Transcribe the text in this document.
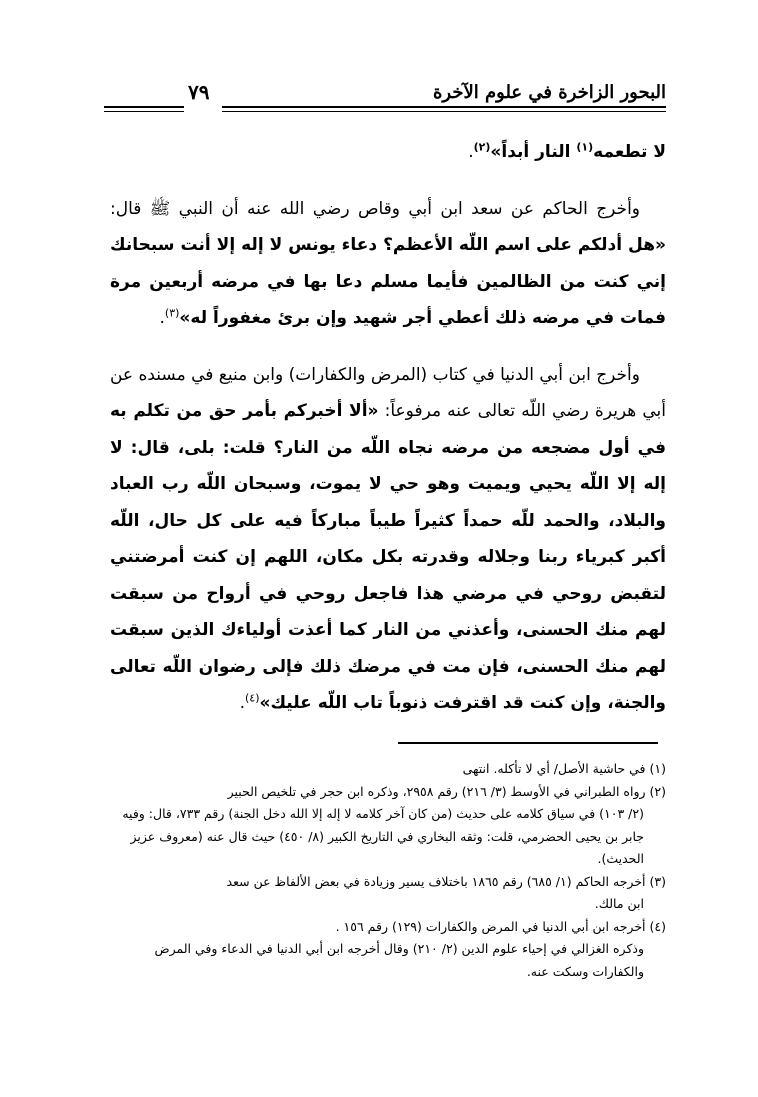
البحور الزاخرة في علوم الآخرة
٧٩

لا تطعمه$^{(١)}$ النار أبداً»$^{(٢)}$.

وأخرج الحاكم عن سعد ابن أبي وقاص رضي الله عنه أن النبي ﷺ قال: «هل أدلكم على اسم اللّه الأعظم؟ دعاء يونس لا إله إلا أنت سبحانك إني كنت من الظالمين فأيما مسلم دعا بها في مرضه أربعين مرة فمات في مرضه ذلك أعطي أجر شهيد وإن برئ مغفوراً له»$^{(٣)}$.

وأخرج ابن أبي الدنيا في كتاب (المرض والكفارات) وابن منيع في مسنده عن أبي هريرة رضي اللّه تعالى عنه مرفوعاً: «ألا أخبركم بأمر حق من تكلم به في أول مضجعه من مرضه نجاه اللّه من النار؟ قلت: بلى، قال: لا إله إلا اللّه يحيي ويميت وهو حي لا يموت، وسبحان اللّه رب العباد والبلاد، والحمد للّه حمداً كثيراً طيباً مباركاً فيه على كل حال، اللّه أكبر كبرياء ربنا وجلاله وقدرته بكل مكان، اللهم إن كنت أمرضتني لتقبض روحي في مرضي هذا فاجعل روحي في أرواح من سبقت لهم منك الحسنى، وأعذني من النار كما أعذت أولياءك الذين سبقت لهم منك الحسنى، فإن مت في مرضك ذلك فإلى رضوان اللّه تعالى والجنة، وإن كنت قد اقترفت ذنوباً تاب اللّه عليك»$^{(٤)}$.

(١) في حاشية الأصل/ أي لا تأكله. انتهى

(٢) رواه الطبراني في الأوسط (٣/ ٢١٦) رقم ٢٩٥٨، وذكره ابن حجر في تلخيص الحبير

(٢/ ١٠٣) في سياق كلامه على حديث (من كان آخر كلامه لا إله إلا الله دخل الجنة) رقم ٧٣٣، قال: وفيه جابر بن يحيى الحضرمي، قلت: وثقه البخاري في التاريخ الكبير (٨/ ٤٥٠) حيث قال عنه (معروف عزيز الحديث).

(٣) أخرجه الحاكم (١/ ٦٨٥) رقم ١٨٦٥ باختلاف يسير وزيادة في بعض الألفاظ عن سعد

ابن مالك.

(٤) أخرجه ابن أبي الدنيا في المرض والكفارات (١٢٩) رقم ١٥٦ .

وذكره الغزالي في إحياء علوم الدين (٢/ ٢١٠) وقال أخرجه ابن أبي الدنيا في الدعاء وفي المرض والكفارات وسكت عنه.
